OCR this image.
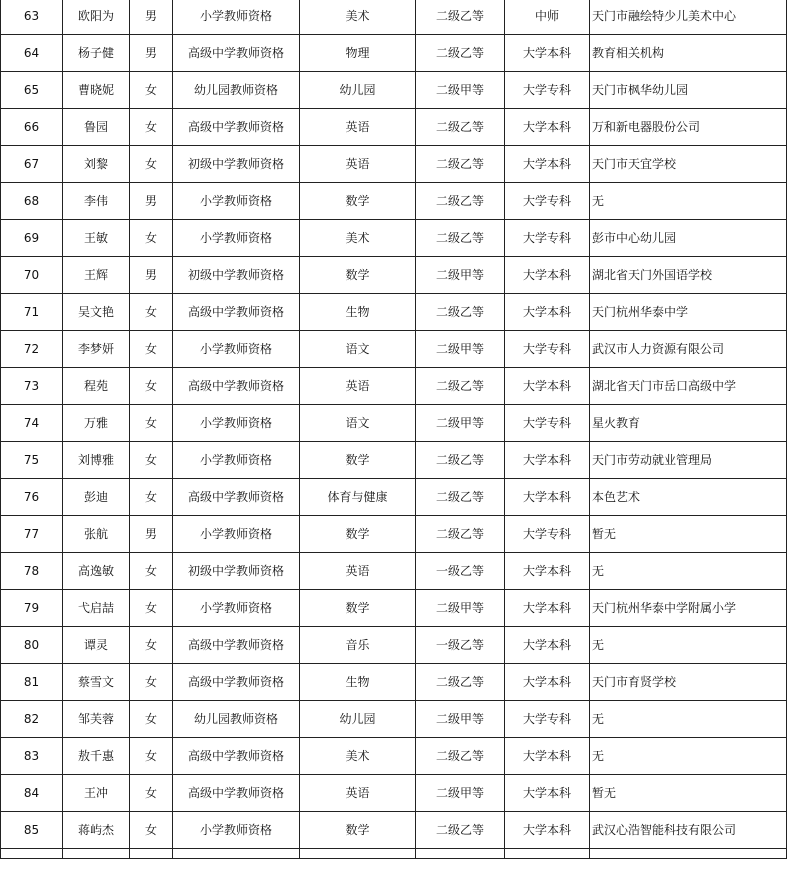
63	欧阳为	男	小学教师资格	美术	二级乙等	中师	天门市融绘特少儿美术中心
64	杨子健	男	高级中学教师资格	物理	二级乙等	大学本科	教育相关机构
65	曹晓妮	女	幼儿园教师资格	幼儿园	二级甲等	大学专科	天门市枫华幼儿园
66	鲁园	女	高级中学教师资格	英语	二级乙等	大学本科	万和新电器股份公司
67	刘黎	女	初级中学教师资格	英语	二级乙等	大学本科	天门市天宜学校
68	李伟	男	小学教师资格	数学	二级乙等	大学专科	无
69	王敏	女	小学教师资格	美术	二级乙等	大学专科	彭市中心幼儿园
70	王辉	男	初级中学教师资格	数学	二级甲等	大学本科	湖北省天门外国语学校
71	吴文艳	女	高级中学教师资格	生物	二级乙等	大学本科	天门杭州华泰中学
72	李梦妍	女	小学教师资格	语文	二级甲等	大学专科	武汉市人力资源有限公司
73	程苑	女	高级中学教师资格	英语	二级乙等	大学本科	湖北省天门市岳口高级中学
74	万雅	女	小学教师资格	语文	二级甲等	大学专科	星火教育
75	刘博雅	女	小学教师资格	数学	二级乙等	大学本科	天门市劳动就业管理局
76	彭迪	女	高级中学教师资格	体育与健康	二级乙等	大学本科	本色艺术
77	张航	男	小学教师资格	数学	二级乙等	大学专科	暂无
78	高逸敏	女	初级中学教师资格	英语	一级乙等	大学本科	无
79	弋启喆	女	小学教师资格	数学	二级甲等	大学本科	天门杭州华泰中学附属小学
80	谭灵	女	高级中学教师资格	音乐	一级乙等	大学本科	无
81	蔡雪文	女	高级中学教师资格	生物	二级乙等	大学本科	天门市育贤学校
82	邹芙蓉	女	幼儿园教师资格	幼儿园	二级甲等	大学专科	无
83	敖千惠	女	高级中学教师资格	美术	二级乙等	大学本科	无
84	王冲	女	高级中学教师资格	英语	二级甲等	大学本科	暂无
85	蒋屿杰	女	小学教师资格	数学	二级乙等	大学本科	武汉心浩智能科技有限公司
